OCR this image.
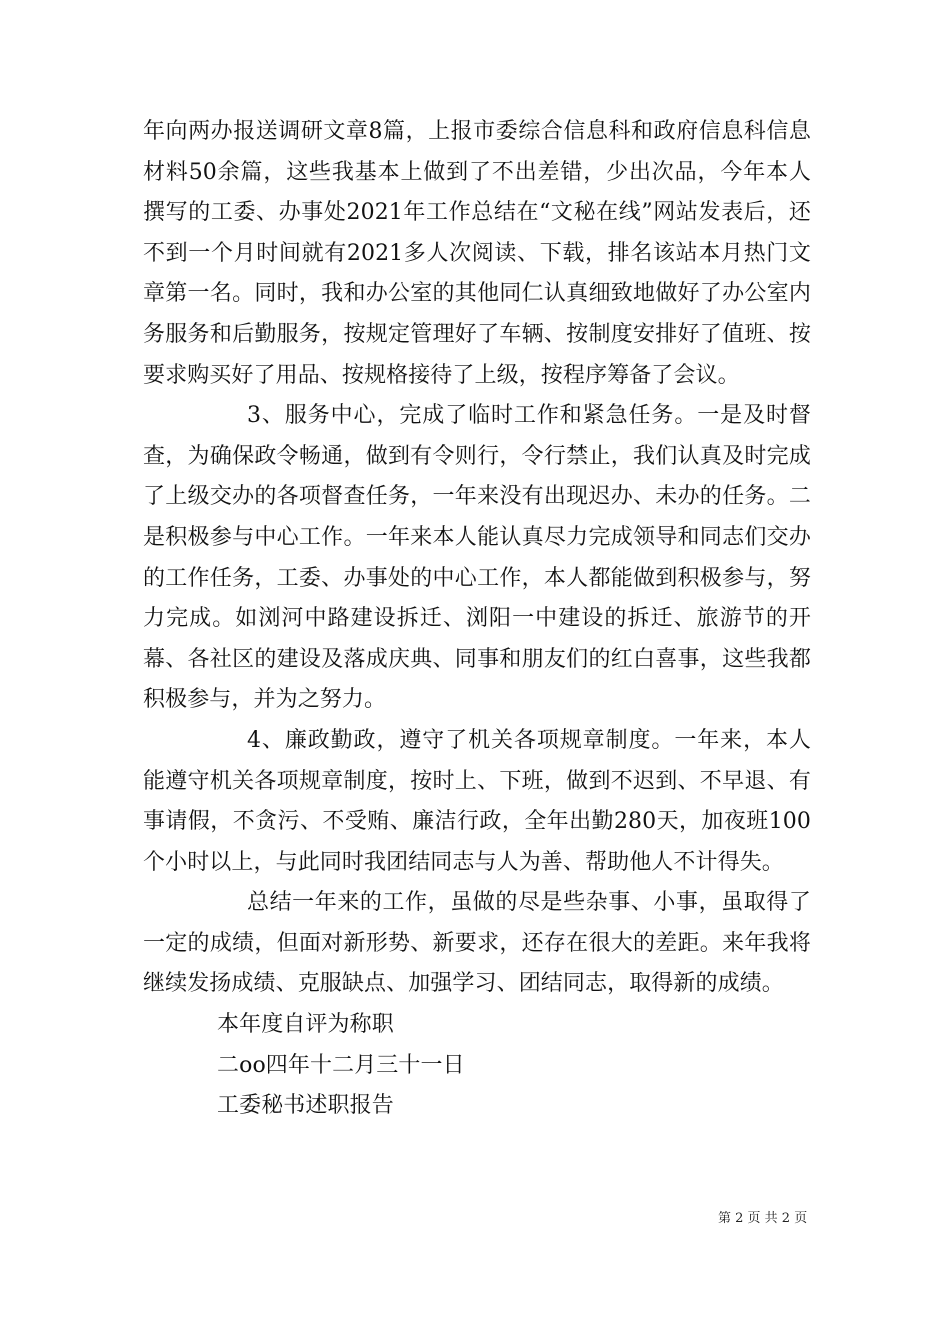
年向两办报送调研文章8篇，上报市委综合信息科和政府信息科信息材料50余篇，这些我基本上做到了不出差错，少出次品，今年本人撰写的工委、办事处2021年工作总结在“文秘在线”网站发表后，还不到一个月时间就有2021多人次阅读、下载，排名该站本月热门文章第一名。同时，我和办公室的其他同仁认真细致地做好了办公室内务服务和后勤服务，按规定管理好了车辆、按制度安排好了值班、按要求购买好了用品、按规格接待了上级，按程序筹备了会议。

3、服务中心，完成了临时工作和紧急任务。一是及时督查，为确保政令畅通，做到有令则行，令行禁止，我们认真及时完成了上级交办的各项督查任务，一年来没有出现迟办、未办的任务。二是积极参与中心工作。一年来本人能认真尽力完成领导和同志们交办的工作任务，工委、办事处的中心工作，本人都能做到积极参与，努力完成。如浏河中路建设拆迁、浏阳一中建设的拆迁、旅游节的开幕、各社区的建设及落成庆典、同事和朋友们的红白喜事，这些我都积极参与，并为之努力。

4、廉政勤政，遵守了机关各项规章制度。一年来，本人能遵守机关各项规章制度，按时上、下班，做到不迟到、不早退、有事请假，不贪污、不受贿、廉洁行政，全年出勤280天，加夜班100个小时以上，与此同时我团结同志与人为善、帮助他人不计得失。

总结一年来的工作，虽做的尽是些杂事、小事，虽取得了一定的成绩，但面对新形势、新要求，还存在很大的差距。来年我将继续发扬成绩、克服缺点、加强学习、团结同志，取得新的成绩。

本年度自评为称职

二oo四年十二月三十一日

工委秘书述职报告

第 2 页 共 2 页
